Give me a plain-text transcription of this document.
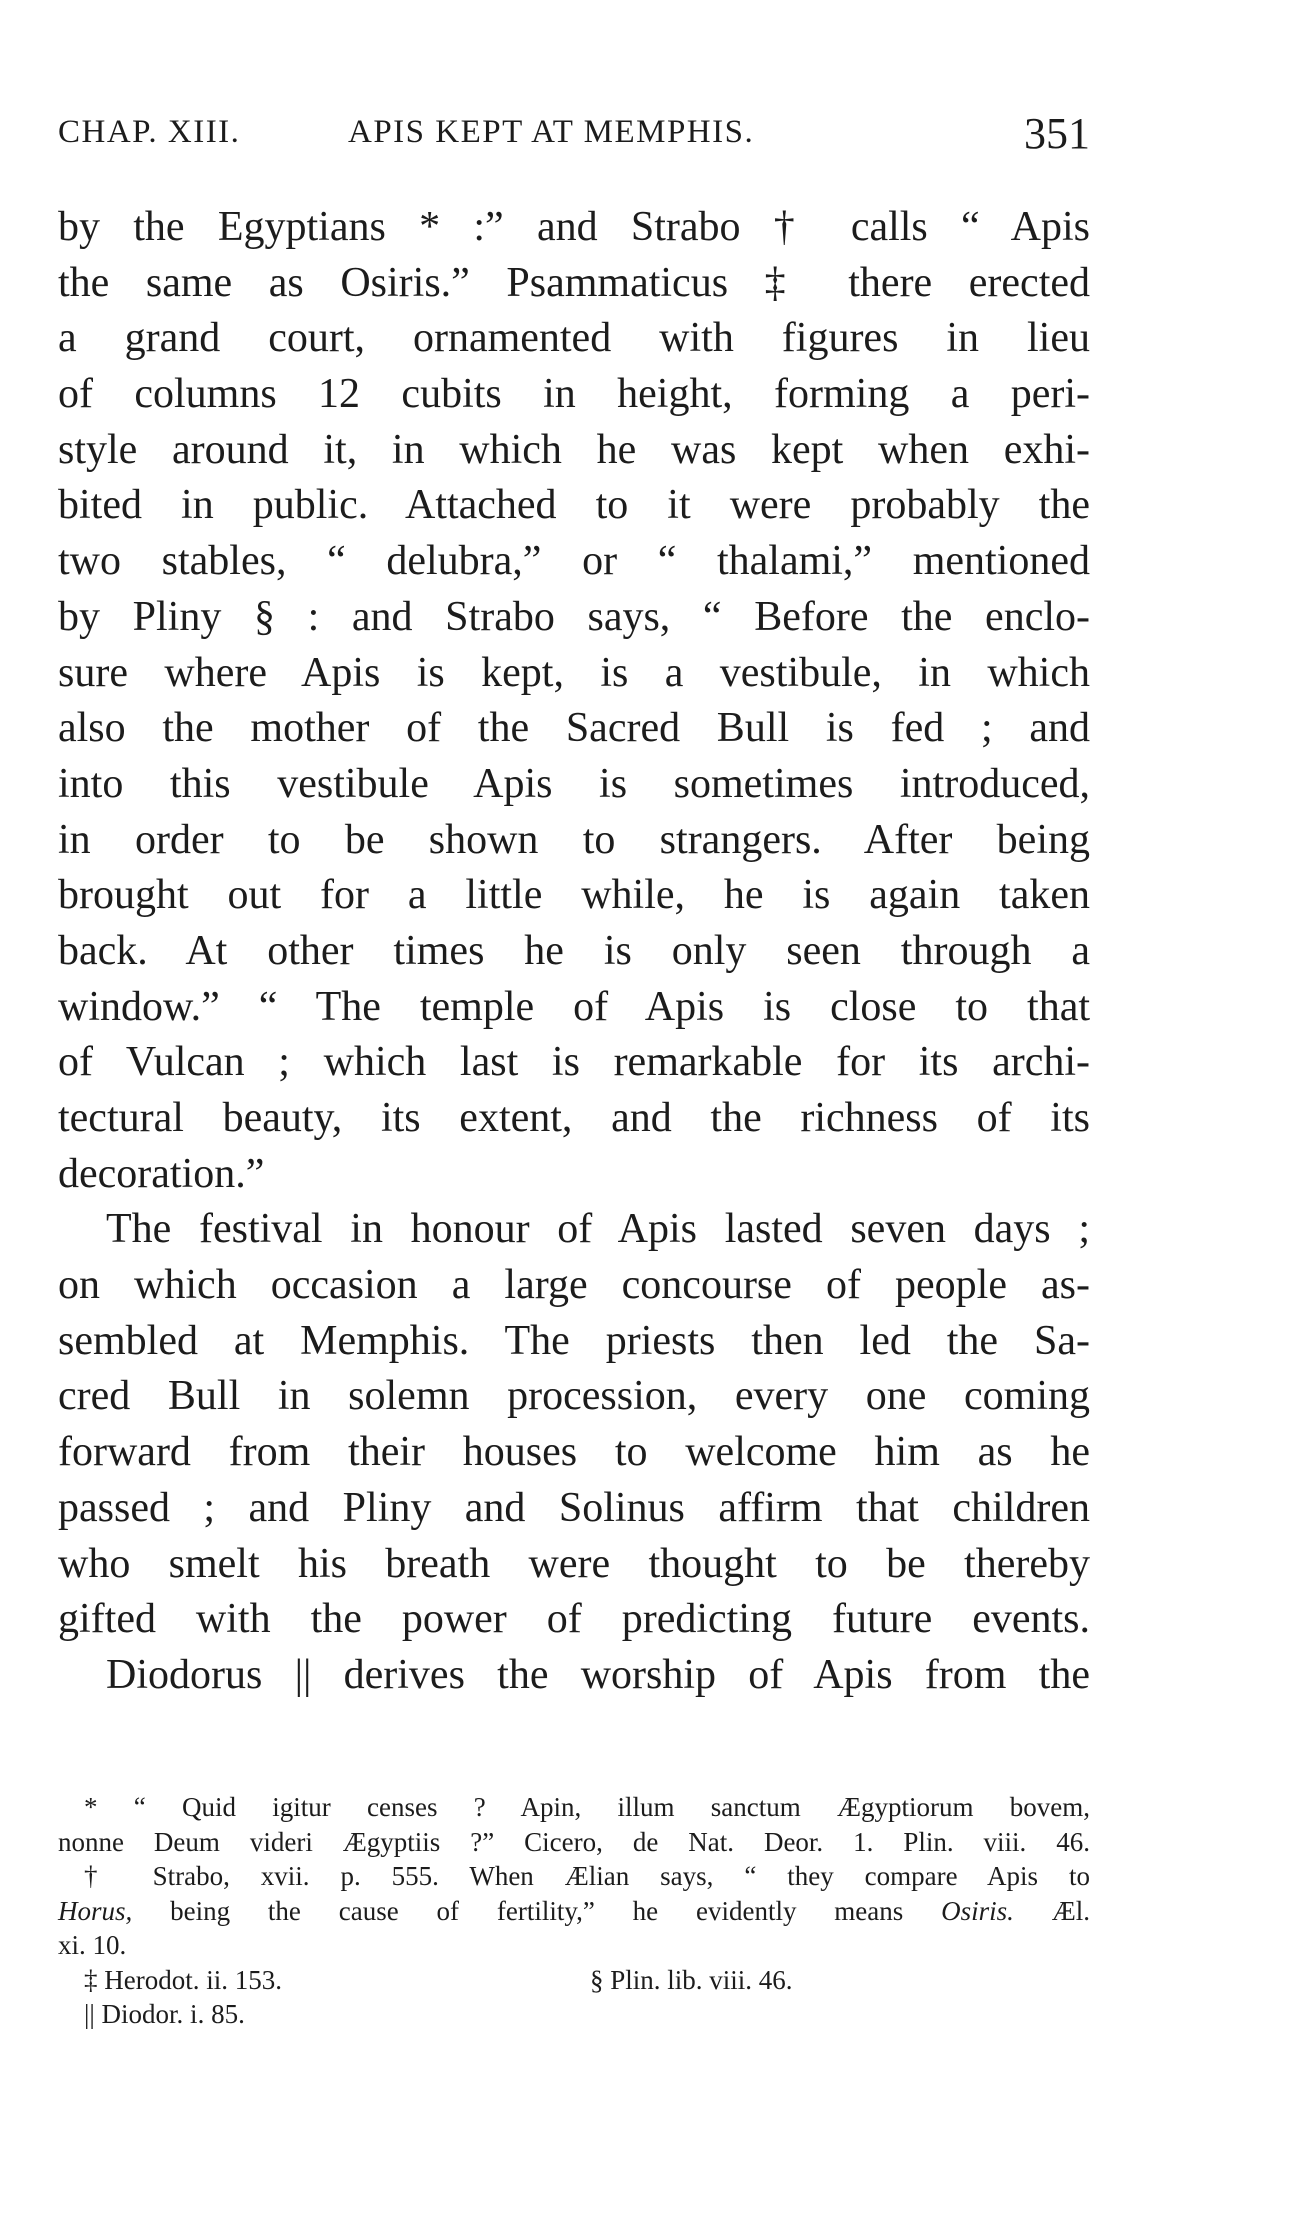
CHAP. XIII.	APIS KEPT AT MEMPHIS.	351
by the Egyptians * :” and Strabo † calls “ Apis
the same as Osiris.” Psammaticus ‡ there erected
a grand court, ornamented with figures in lieu
of columns 12 cubits in height, forming a peri-
style around it, in which he was kept when exhi-
bited in public. Attached to it were probably the
two stables, “ delubra,” or “ thalami,” mentioned
by Pliny § : and Strabo says, “ Before the enclo-
sure where Apis is kept, is a vestibule, in which
also the mother of the Sacred Bull is fed ; and
into this vestibule Apis is sometimes introduced,
in order to be shown to strangers. After being
brought out for a little while, he is again taken
back. At other times he is only seen through a
window.” “ The temple of Apis is close to that
of Vulcan ; which last is remarkable for its archi-
tectural beauty, its extent, and the richness of its
decoration.”
The festival in honour of Apis lasted seven days ;
on which occasion a large concourse of people as-
sembled at Memphis. The priests then led the Sa-
cred Bull in solemn procession, every one coming
forward from their houses to welcome him as he
passed ; and Pliny and Solinus affirm that children
who smelt his breath were thought to be thereby
gifted with the power of predicting future events.
Diodorus || derives the worship of Apis from the
* “ Quid igitur censes ? Apin, illum sanctum Ægyptiorum bovem,
nonne Deum videri Ægyptiis ?” Cicero, de Nat. Deor. 1. Plin. viii. 46.
† Strabo, xvii. p. 555. When Ælian says, “ they compare Apis to
Horus, being the cause of fertility,” he evidently means Osiris. Æl.
xi. 10.
‡ Herodot. ii. 153.	§ Plin. lib. viii. 46.
|| Diodor. i. 85.
